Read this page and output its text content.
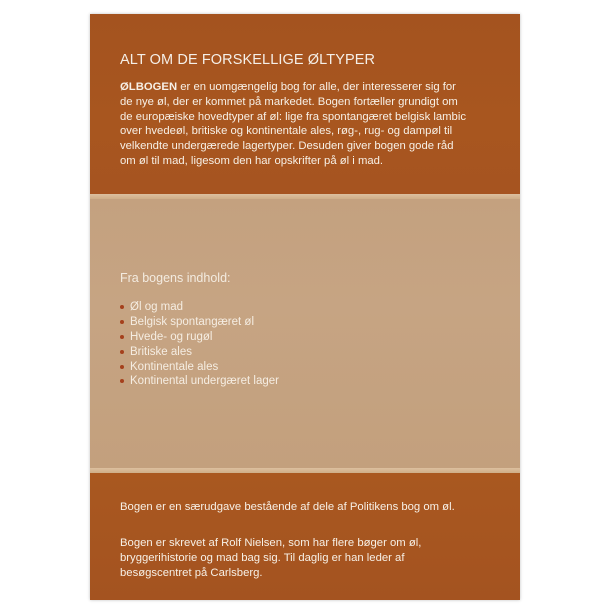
ALT OM DE FORSKELLIGE ØLTYPER

ØLBOGEN er en uomgængelig bog for alle, der interesserer sig for
de nye øl, der er kommet på markedet. Bogen fortæller grundigt om
de europæiske hovedtyper af øl: lige fra spontangæret belgisk lambic
over hvedeøl, britiske og kontinentale ales, røg-, rug- og dampøl til
velkendte undergærede lagertyper. Desuden giver bogen gode råd
om øl til mad, ligesom den har opskrifter på øl i mad.

Fra bogens indhold:

Øl og mad
Belgisk spontangæret øl
Hvede- og rugøl
Britiske ales
Kontinentale ales
Kontinental undergæret lager

Bogen er en særudgave bestående af dele af Politikens bog om øl.

Bogen er skrevet af Rolf Nielsen, som har flere bøger om øl,
bryggerihistorie og mad bag sig. Til daglig er han leder af
besøgscentret på Carlsberg.
